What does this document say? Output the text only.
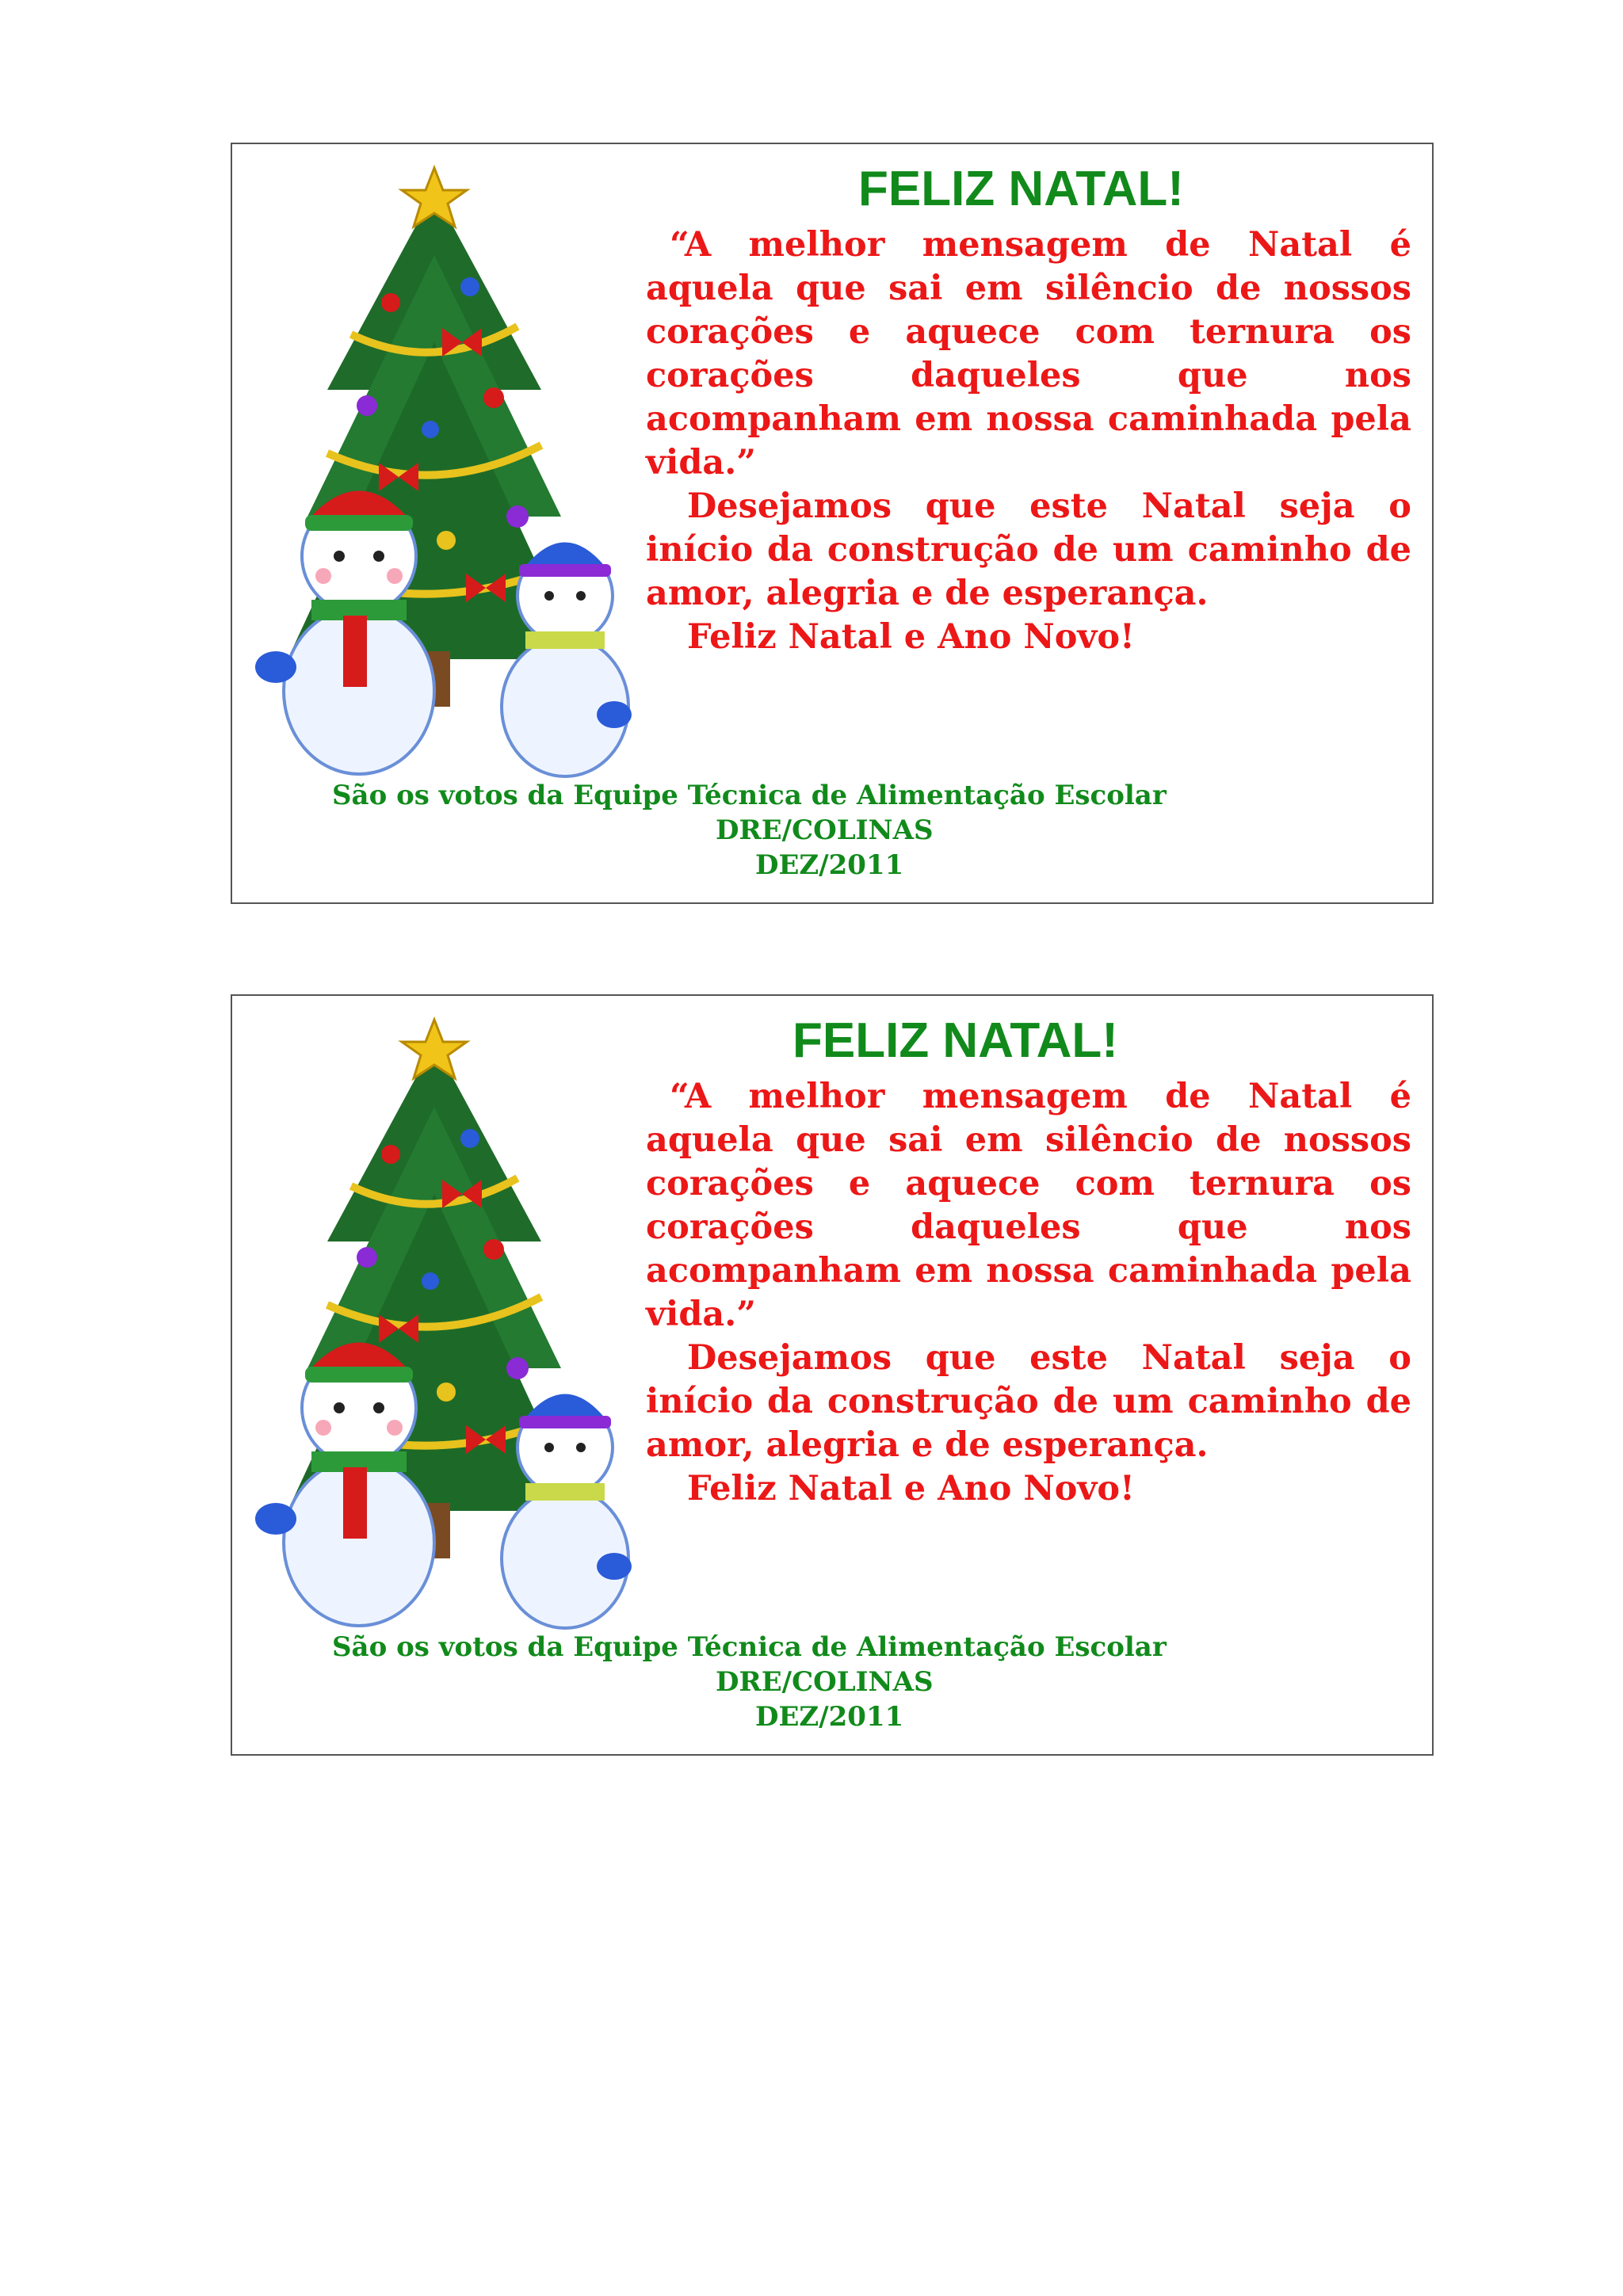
FELIZ NATAL!

“A melhor mensagem de Natal é aquela que sai em silêncio de nossos corações e aquece com ternura os corações daqueles que nos acompanham em nossa caminhada pela vida.”

Desejamos que este Natal seja o início da construção de um caminho de amor, alegria e de esperança.

Feliz Natal e Ano Novo!

São os votos da Equipe Técnica de Alimentação Escolar
DRE/COLINAS
DEZ/2011
FELIZ NATAL!

“A melhor mensagem de Natal é aquela que sai em silêncio de nossos corações e aquece com ternura os corações daqueles que nos acompanham em nossa caminhada pela vida.”

Desejamos que este Natal seja o início da construção de um caminho de amor, alegria e de esperança.

Feliz Natal e Ano Novo!

São os votos da Equipe Técnica de Alimentação Escolar
DRE/COLINAS
DEZ/2011
